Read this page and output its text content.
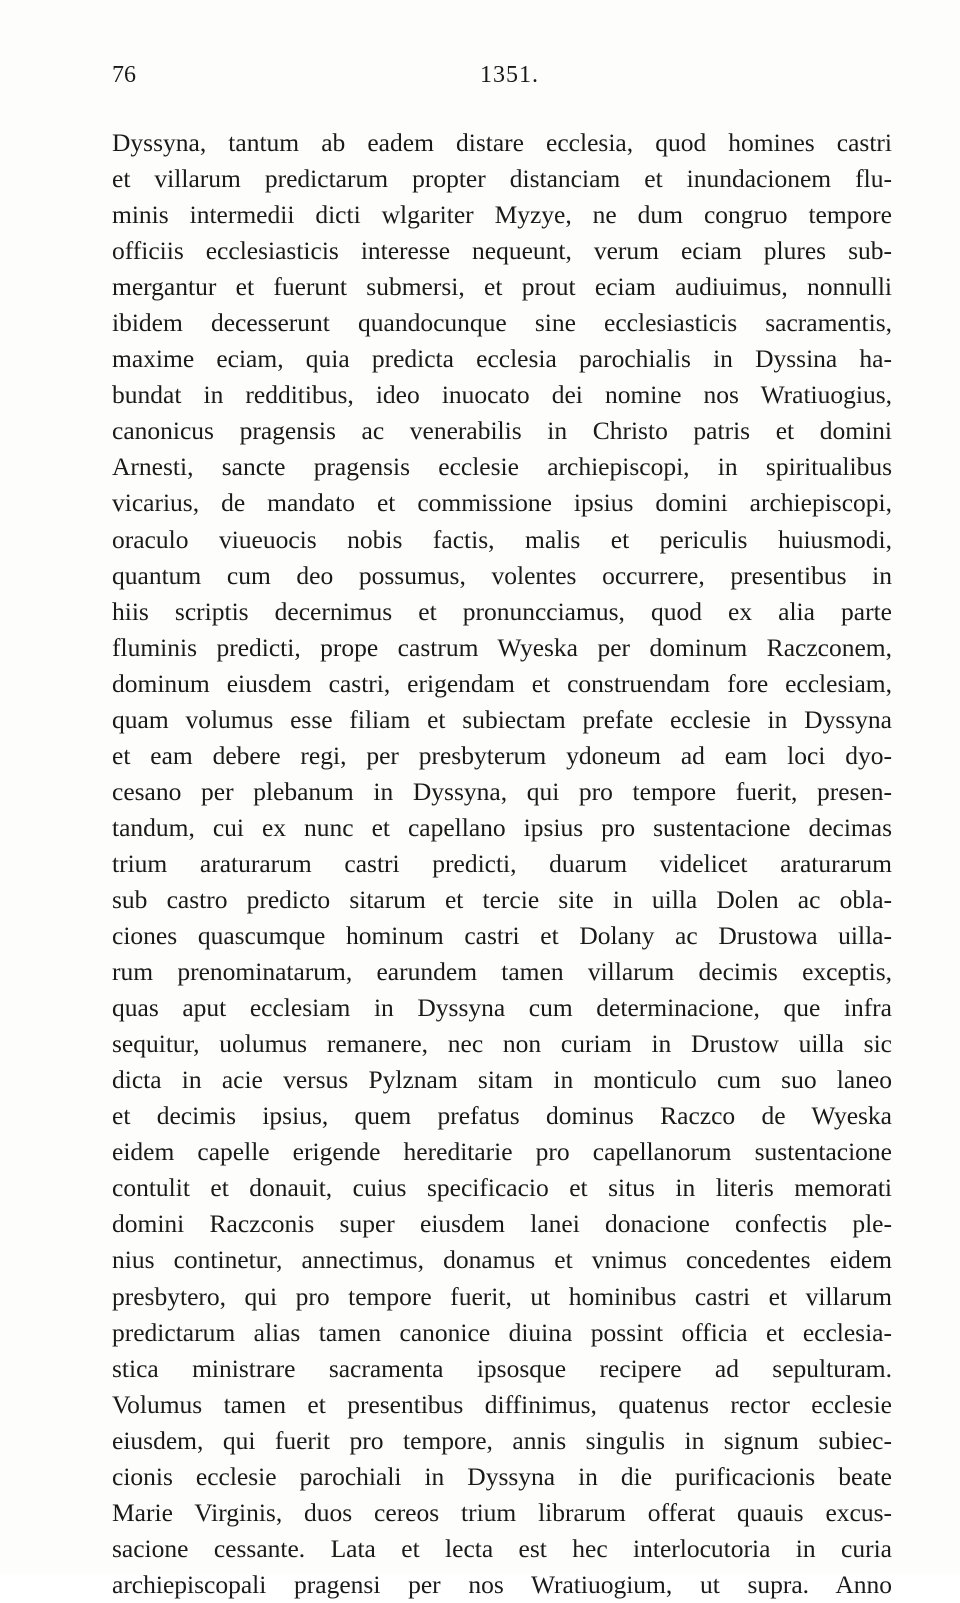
76	1351.
Dyssyna, tantum ab eadem distare ecclesia, quod homines castri
et villarum predictarum propter distanciam et inundacionem flu-
minis intermedii dicti wlgariter Myzye, ne dum congruo tempore
officiis ecclesiasticis interesse nequeunt, verum eciam plures sub-
mergantur et fuerunt submersi, et prout eciam audiuimus, nonnulli
ibidem decesserunt quandocunque sine ecclesiasticis sacramentis,
maxime eciam, quia predicta ecclesia parochialis in Dyssina ha-
bundat in redditibus, ideo inuocato dei nomine nos Wratiuogius,
canonicus pragensis ac venerabilis in Christo patris et domini
Arnesti, sancte pragensis ecclesie archiepiscopi, in spiritualibus
vicarius, de mandato et commissione ipsius domini archiepiscopi,
oraculo viueuocis nobis factis, malis et periculis huiusmodi,
quantum cum deo possumus, volentes occurrere, presentibus in
hiis scriptis decernimus et pronuncciamus, quod ex alia parte
fluminis predicti, prope castrum Wyeska per dominum Raczconem,
dominum eiusdem castri, erigendam et construendam fore ecclesiam,
quam volumus esse filiam et subiectam prefate ecclesie in Dyssyna
et eam debere regi, per presbyterum ydoneum ad eam loci dyo-
cesano per plebanum in Dyssyna, qui pro tempore fuerit, presen-
tandum, cui ex nunc et capellano ipsius pro sustentacione decimas
trium araturarum castri predicti, duarum videlicet araturarum
sub castro predicto sitarum et tercie site in uilla Dolen ac obla-
ciones quascumque hominum castri et Dolany ac Drustowa uilla-
rum prenominatarum, earundem tamen villarum decimis exceptis,
quas aput ecclesiam in Dyssyna cum determinacione, que infra
sequitur, uolumus remanere, nec non curiam in Drustow uilla sic
dicta in acie versus Pylznam sitam in monticulo cum suo laneo
et decimis ipsius, quem prefatus dominus Raczco de Wyeska
eidem capelle erigende hereditarie pro capellanorum sustentacione
contulit et donauit, cuius specificacio et situs in literis memorati
domini Raczconis super eiusdem lanei donacione confectis ple-
nius continetur, annectimus, donamus et vnimus concedentes eidem
presbytero, qui pro tempore fuerit, ut hominibus castri et villarum
predictarum alias tamen canonice diuina possint officia et ecclesia-
stica ministrare sacramenta ipsosque recipere ad sepulturam.
Volumus tamen et presentibus diffinimus, quatenus rector ecclesie
eiusdem, qui fuerit pro tempore, annis singulis in signum subiec-
cionis ecclesie parochiali in Dyssyna in die purificacionis beate
Marie Virginis, duos cereos trium librarum offerat quauis excus-
sacione cessante. Lata et lecta est hec interlocutoria in curia
archiepiscopali pragensi per nos Wratiuogium, ut supra. Anno
